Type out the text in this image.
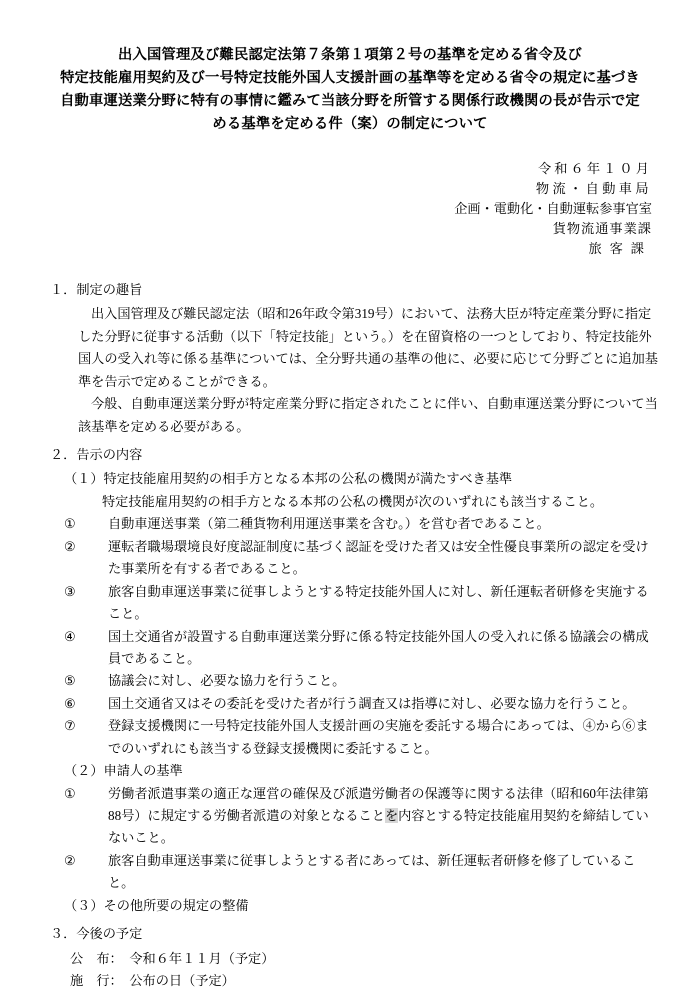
出入国管理及び難民認定法第７条第１項第２号の基準を定める省令及び
特定技能雇用契約及び一号特定技能外国人支援計画の基準等を定める省令の規定に基づき
自動車運送業分野に特有の事情に鑑みて当該分野を所管する関係行政機関の長が告示で定
める基準を定める件（案）の制定について
令和６年１０月
物流・自動車局
企画・電動化・自動運転参事官室
貨物流通事業課
旅客課

１．制定の趣旨

出入国管理及び難民認定法（昭和26年政令第319号）において、法務大臣が特定産業分野に指定した分野に従事する活動（以下「特定技能」という。）を在留資格の一つとしており、特定技能外国人の受入れ等に係る基準については、全分野共通の基準の他に、必要に応じて分野ごとに追加基準を告示で定めることができる。

今般、自動車運送業分野が特定産業分野に指定されたことに伴い、自動車運送業分野について当該基準を定める必要がある。

２．告示の内容

（１）特定技能雇用契約の相手方となる本邦の公私の機関が満たすべき基準

特定技能雇用契約の相手方となる本邦の公私の機関が次のいずれにも該当すること。

① 自動車運送事業（第二種貨物利用運送事業を含む。）を営む者であること。

② 運転者職場環境良好度認証制度に基づく認証を受けた者又は安全性優良事業所の認定を受けた事業所を有する者であること。

③ 旅客自動車運送事業に従事しようとする特定技能外国人に対し、新任運転者研修を実施すること。

④ 国土交通省が設置する自動車運送業分野に係る特定技能外国人の受入れに係る協議会の構成員であること。

⑤ 協議会に対し、必要な協力を行うこと。

⑥ 国土交通省又はその委託を受けた者が行う調査又は指導に対し、必要な協力を行うこと。

⑦ 登録支援機関に一号特定技能外国人支援計画の実施を委託する場合にあっては、④から⑥までのいずれにも該当する登録支援機関に委託すること。

（２）申請人の基準

① 労働者派遣事業の適正な運営の確保及び派遣労働者の保護等に関する法律（昭和60年法律第88号）に規定する労働者派遣の対象となることを内容とする特定技能雇用契約を締結していないこと。

② 旅客自動車運送事業に従事しようとする者にあっては、新任運転者研修を修了していること。

（３）その他所要の規定の整備

３．今後の予定

公　布：　令和６年１１月（予定）

施　行：　公布の日（予定）
